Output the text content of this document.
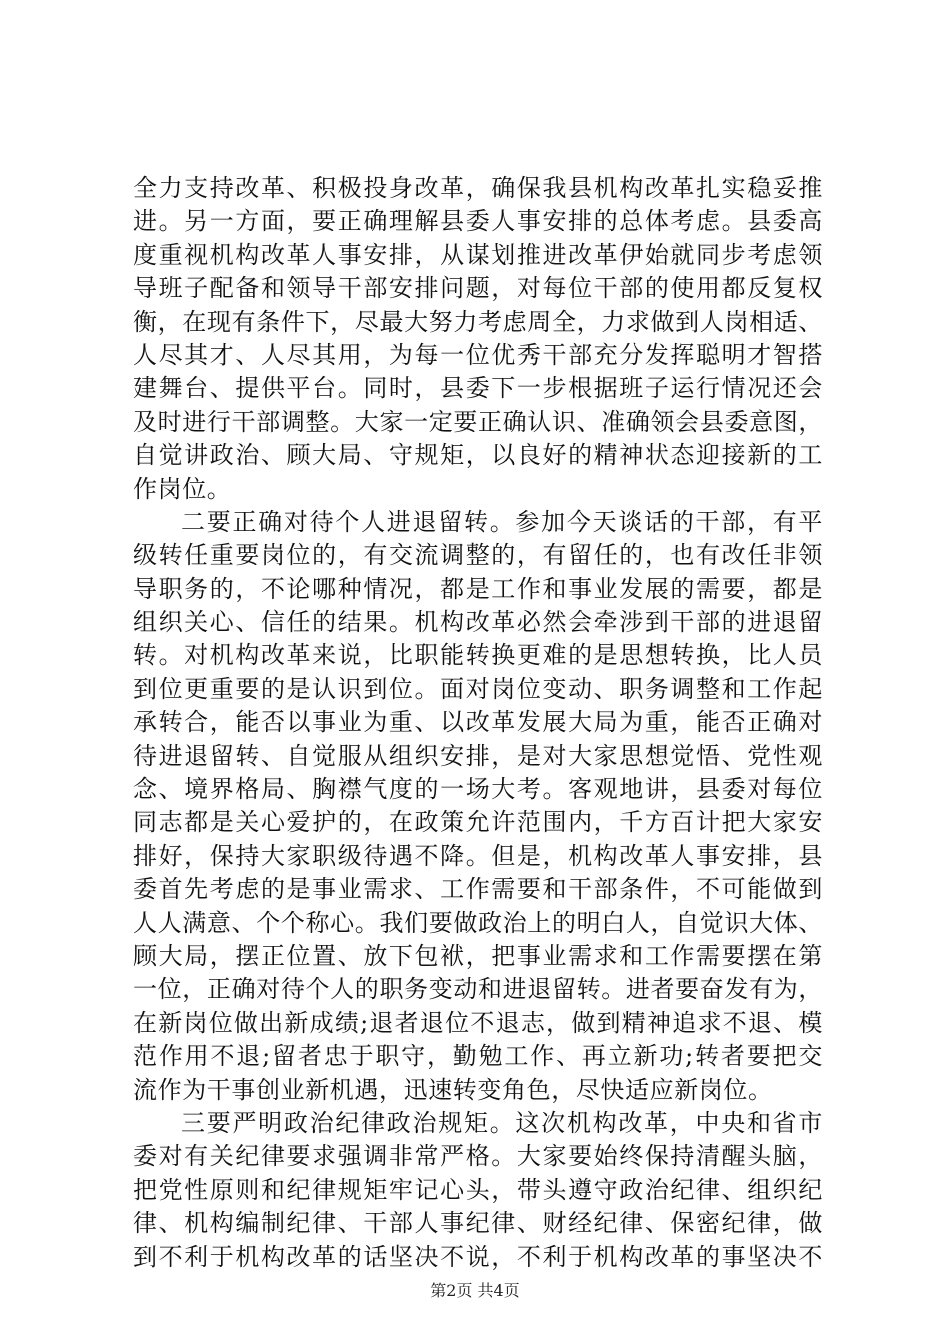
全力支持改革、积极投身改革，确保我县机构改革扎实稳妥推
进。另一方面，要正确理解县委人事安排的总体考虑。县委高
度重视机构改革人事安排，从谋划推进改革伊始就同步考虑领
导班子配备和领导干部安排问题，对每位干部的使用都反复权
衡，在现有条件下，尽最大努力考虑周全，力求做到人岗相适、
人尽其才、人尽其用，为每一位优秀干部充分发挥聪明才智搭
建舞台、提供平台。同时，县委下一步根据班子运行情况还会
及时进行干部调整。大家一定要正确认识、准确领会县委意图，
自觉讲政治、顾大局、守规矩，以良好的精神状态迎接新的工
作岗位。
二要正确对待个人进退留转。参加今天谈话的干部，有平
级转任重要岗位的，有交流调整的，有留任的，也有改任非领
导职务的，不论哪种情况，都是工作和事业发展的需要，都是
组织关心、信任的结果。机构改革必然会牵涉到干部的进退留
转。对机构改革来说，比职能转换更难的是思想转换，比人员
到位更重要的是认识到位。面对岗位变动、职务调整和工作起
承转合，能否以事业为重、以改革发展大局为重，能否正确对
待进退留转、自觉服从组织安排，是对大家思想觉悟、党性观
念、境界格局、胸襟气度的一场大考。客观地讲，县委对每位
同志都是关心爱护的，在政策允许范围内，千方百计把大家安
排好，保持大家职级待遇不降。但是，机构改革人事安排，县
委首先考虑的是事业需求、工作需要和干部条件，不可能做到
人人满意、个个称心。我们要做政治上的明白人，自觉识大体、
顾大局，摆正位置、放下包袱，把事业需求和工作需要摆在第
一位，正确对待个人的职务变动和进退留转。进者要奋发有为，
在新岗位做出新成绩;退者退位不退志，做到精神追求不退、模
范作用不退;留者忠于职守，勤勉工作、再立新功;转者要把交
流作为干事创业新机遇，迅速转变角色，尽快适应新岗位。
三要严明政治纪律政治规矩。这次机构改革，中央和省市
委对有关纪律要求强调非常严格。大家要始终保持清醒头脑，
把党性原则和纪律规矩牢记心头，带头遵守政治纪律、组织纪
律、机构编制纪律、干部人事纪律、财经纪律、保密纪律，做
到不利于机构改革的话坚决不说，不利于机构改革的事坚决不
第2页 共4页
